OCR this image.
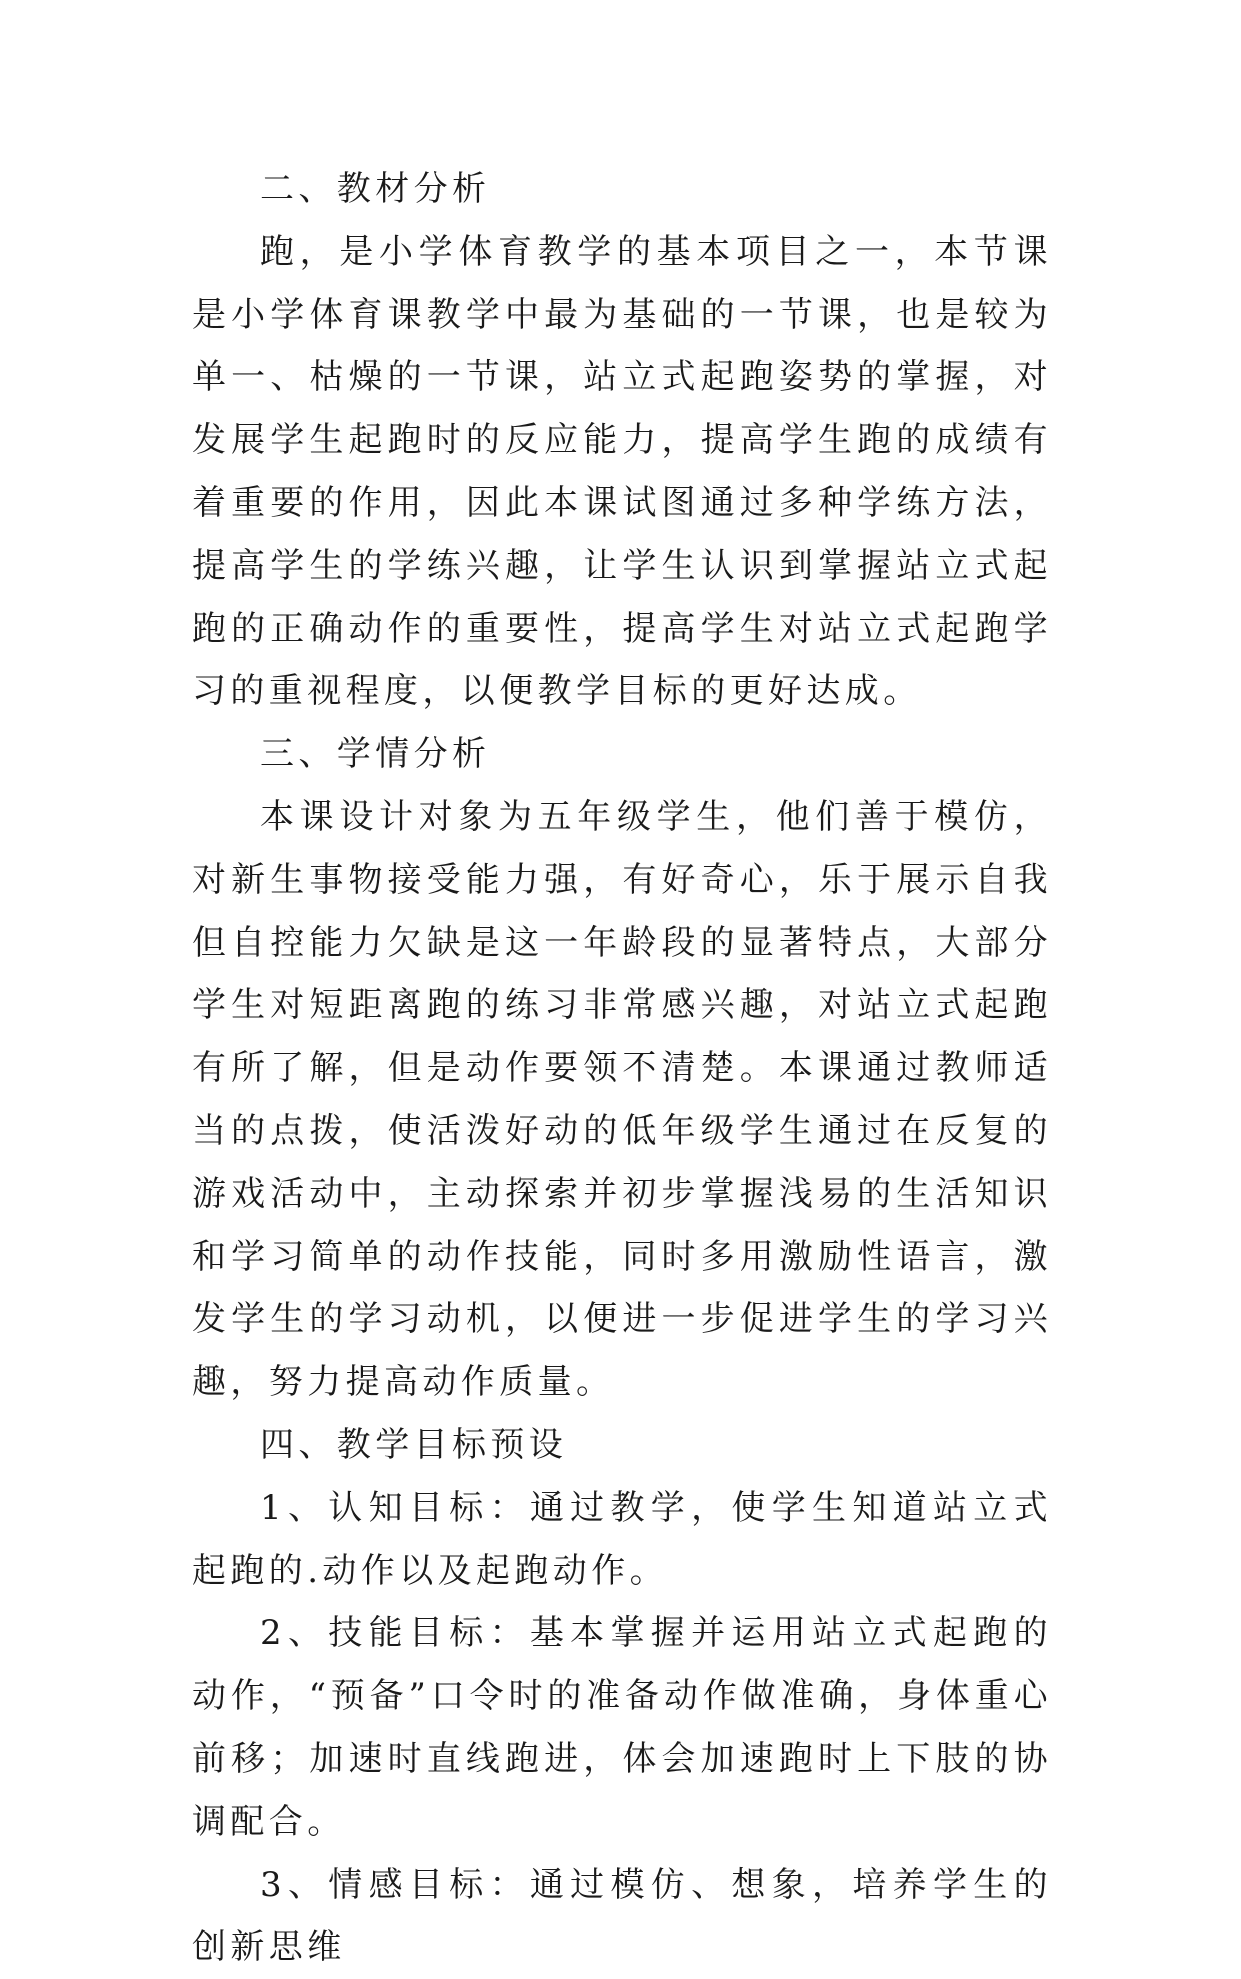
二、教材分析

跑，是小学体育教学的基本项目之一，本节课是小学体育课教学中最为基础的一节课，也是较为单一、枯燥的一节课，站立式起跑姿势的掌握，对发展学生起跑时的反应能力，提高学生跑的成绩有着重要的作用，因此本课试图通过多种学练方法，提高学生的学练兴趣，让学生认识到掌握站立式起跑的正确动作的重要性，提高学生对站立式起跑学习的重视程度，以便教学目标的更好达成。

三、学情分析

本课设计对象为五年级学生，他们善于模仿，对新生事物接受能力强，有好奇心，乐于展示自我但自控能力欠缺是这一年龄段的显著特点，大部分学生对短距离跑的练习非常感兴趣，对站立式起跑有所了解，但是动作要领不清楚。本课通过教师适当的点拨，使活泼好动的低年级学生通过在反复的游戏活动中，主动探索并初步掌握浅易的生活知识和学习简单的动作技能，同时多用激励性语言，激发学生的学习动机，以便进一步促进学生的学习兴趣，努力提高动作质量。

四、教学目标预设

1、认知目标：通过教学，使学生知道站立式起跑的.动作以及起跑动作。

2、技能目标：基本掌握并运用站立式起跑的动作，“预备”口令时的准备动作做准确，身体重心前移；加速时直线跑进，体会加速跑时上下肢的协调配合。

3、情感目标：通过模仿、想象，培养学生的创新思维
